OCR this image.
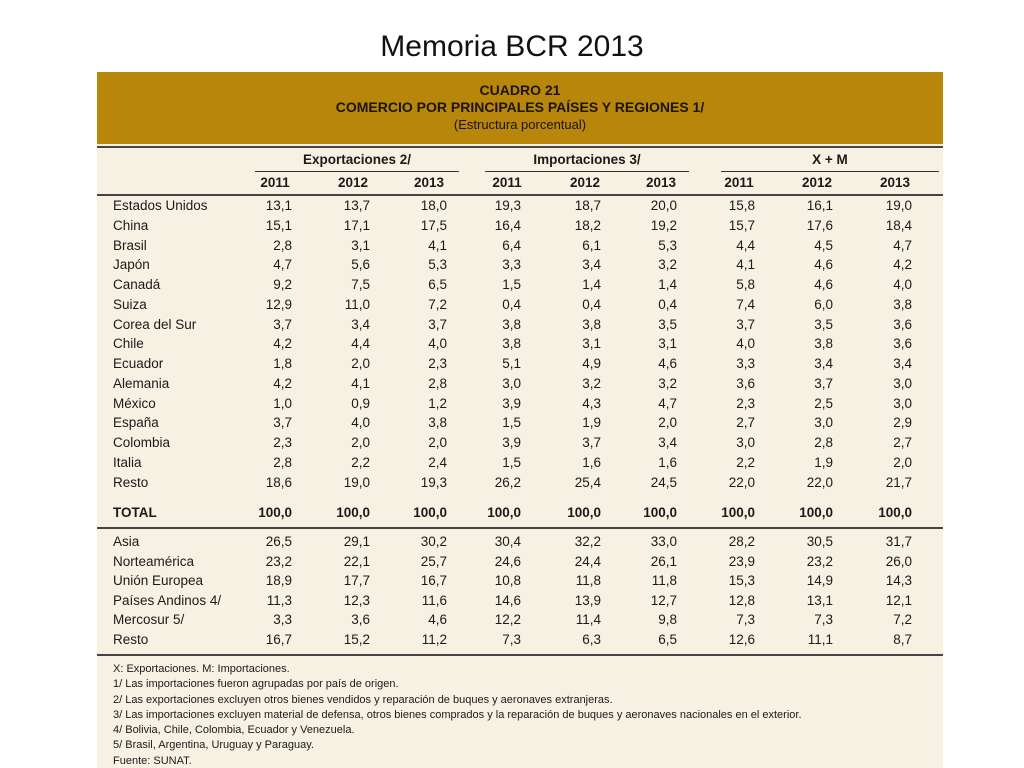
Memoria BCR 2013
CUADRO 21
COMERCIO POR PRINCIPALES PAÍSES Y REGIONES 1/
(Estructura porcentual)
Exportaciones 2/	Importaciones 3/	X + M
2011	2012	2013	2011	2012	2013	2011	2012	2013
Estados Unidos	13,1	13,7	18,0	19,3	18,7	20,0	15,8	16,1	19,0
China	15,1	17,1	17,5	16,4	18,2	19,2	15,7	17,6	18,4
Brasil	2,8	3,1	4,1	6,4	6,1	5,3	4,4	4,5	4,7
Japón	4,7	5,6	5,3	3,3	3,4	3,2	4,1	4,6	4,2
Canadá	9,2	7,5	6,5	1,5	1,4	1,4	5,8	4,6	4,0
Suiza	12,9	11,0	7,2	0,4	0,4	0,4	7,4	6,0	3,8
Corea del Sur	3,7	3,4	3,7	3,8	3,8	3,5	3,7	3,5	3,6
Chile	4,2	4,4	4,0	3,8	3,1	3,1	4,0	3,8	3,6
Ecuador	1,8	2,0	2,3	5,1	4,9	4,6	3,3	3,4	3,4
Alemania	4,2	4,1	2,8	3,0	3,2	3,2	3,6	3,7	3,0
México	1,0	0,9	1,2	3,9	4,3	4,7	2,3	2,5	3,0
España	3,7	4,0	3,8	1,5	1,9	2,0	2,7	3,0	2,9
Colombia	2,3	2,0	2,0	3,9	3,7	3,4	3,0	2,8	2,7
Italia	2,8	2,2	2,4	1,5	1,6	1,6	2,2	1,9	2,0
Resto	18,6	19,0	19,3	26,2	25,4	24,5	22,0	22,0	21,7
TOTAL	100,0	100,0	100,0	100,0	100,0	100,0	100,0	100,0	100,0
Asia	26,5	29,1	30,2	30,4	32,2	33,0	28,2	30,5	31,7
Norteamérica	23,2	22,1	25,7	24,6	24,4	26,1	23,9	23,2	26,0
Unión Europea	18,9	17,7	16,7	10,8	11,8	11,8	15,3	14,9	14,3
Países Andinos 4/	11,3	12,3	11,6	14,6	13,9	12,7	12,8	13,1	12,1
Mercosur 5/	3,3	3,6	4,6	12,2	11,4	9,8	7,3	7,3	7,2
Resto	16,7	15,2	11,2	7,3	6,3	6,5	12,6	11,1	8,7
X: Exportaciones. M: Importaciones.
1/ Las importaciones fueron agrupadas por país de origen.
2/ Las exportaciones excluyen otros bienes vendidos y reparación de buques y aeronaves extranjeras.
3/ Las importaciones excluyen material de defensa, otros bienes comprados y la reparación de buques y aeronaves nacionales en el exterior.
4/ Bolivia, Chile, Colombia, Ecuador y Venezuela.
5/ Brasil, Argentina, Uruguay y Paraguay.
Fuente: SUNAT.
